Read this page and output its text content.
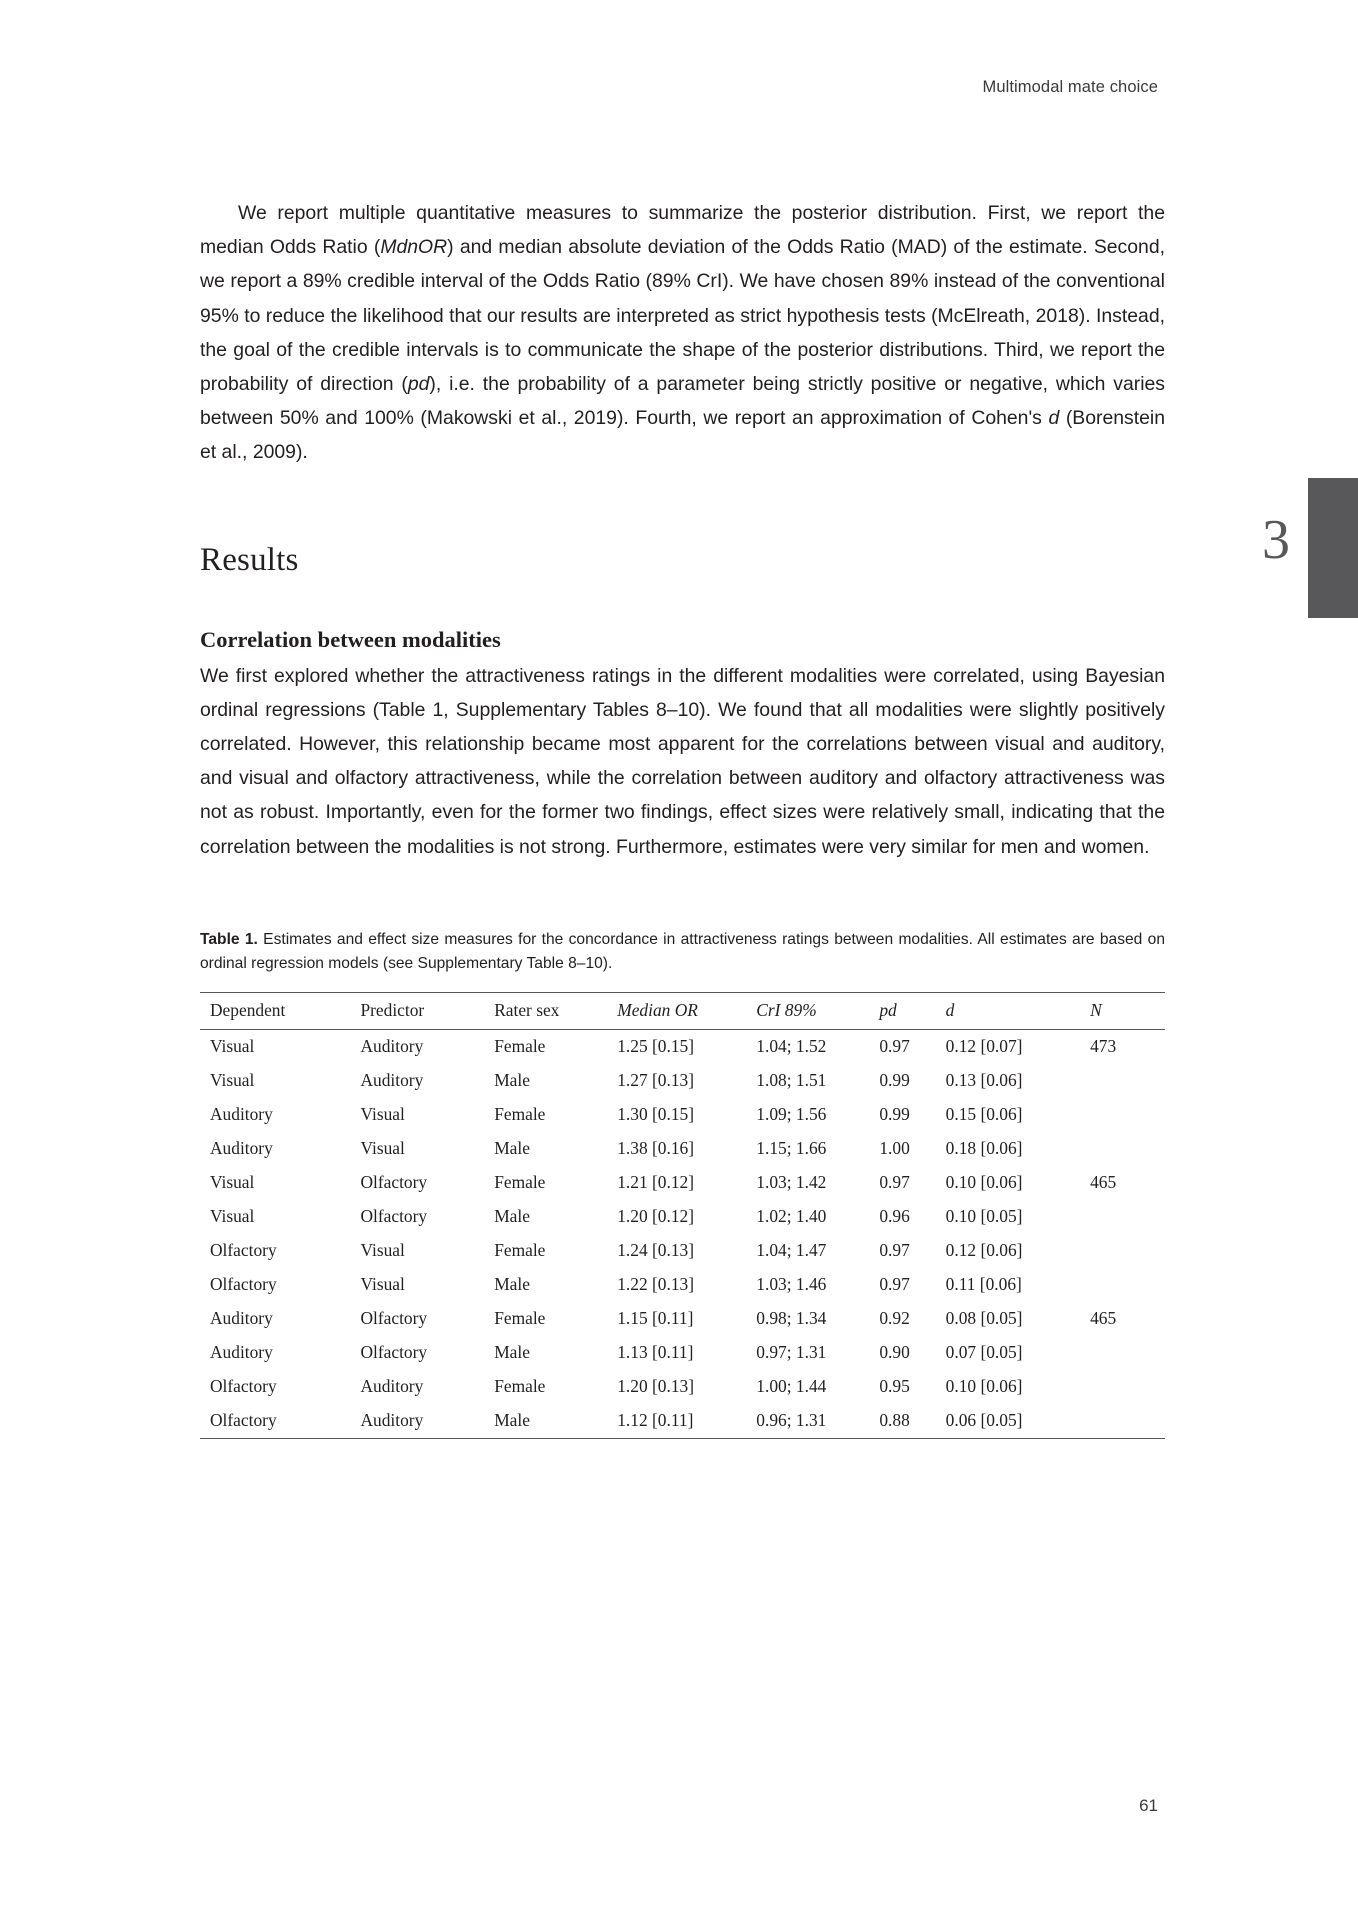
Multimodal mate choice
3

We report multiple quantitative measures to summarize the posterior distribution. First, we report the median Odds Ratio (MdnOR) and median absolute deviation of the Odds Ratio (MAD) of the estimate. Second, we report a 89% credible interval of the Odds Ratio (89% CrI). We have chosen 89% instead of the conventional 95% to reduce the likelihood that our results are interpreted as strict hypothesis tests (McElreath, 2018). Instead, the goal of the credible intervals is to communicate the shape of the posterior distributions. Third, we report the probability of direction (pd), i.e. the probability of a parameter being strictly positive or negative, which varies between 50% and 100% (Makowski et al., 2019). Fourth, we report an approximation of Cohen's d (Borenstein et al., 2009).

Results
Correlation between modalities

We first explored whether the attractiveness ratings in the different modalities were correlated, using Bayesian ordinal regressions (Table 1, Supplementary Tables 8–10). We found that all modalities were slightly positively correlated. However, this relationship became most apparent for the correlations between visual and auditory, and visual and olfactory attractiveness, while the correlation between auditory and olfactory attractiveness was not as robust. Importantly, even for the former two findings, effect sizes were relatively small, indicating that the correlation between the modalities is not strong. Furthermore, estimates were very similar for men and women.

Table 1. Estimates and effect size measures for the concordance in attractiveness ratings between modalities. All estimates are based on ordinal regression models (see Supplementary Table 8–10).
Dependent	Predictor	Rater sex	Median OR	CrI 89%	pd	d	N
Visual	Auditory	Female	1.25 [0.15]	1.04; 1.52	0.97	0.12 [0.07]	473
Visual	Auditory	Male	1.27 [0.13]	1.08; 1.51	0.99	0.13 [0.06]	
Auditory	Visual	Female	1.30 [0.15]	1.09; 1.56	0.99	0.15 [0.06]	
Auditory	Visual	Male	1.38 [0.16]	1.15; 1.66	1.00	0.18 [0.06]	
Visual	Olfactory	Female	1.21 [0.12]	1.03; 1.42	0.97	0.10 [0.06]	465
Visual	Olfactory	Male	1.20 [0.12]	1.02; 1.40	0.96	0.10 [0.05]	
Olfactory	Visual	Female	1.24 [0.13]	1.04; 1.47	0.97	0.12 [0.06]	
Olfactory	Visual	Male	1.22 [0.13]	1.03; 1.46	0.97	0.11 [0.06]	
Auditory	Olfactory	Female	1.15 [0.11]	0.98; 1.34	0.92	0.08 [0.05]	465
Auditory	Olfactory	Male	1.13 [0.11]	0.97; 1.31	0.90	0.07 [0.05]	
Olfactory	Auditory	Female	1.20 [0.13]	1.00; 1.44	0.95	0.10 [0.06]	
Olfactory	Auditory	Male	1.12 [0.11]	0.96; 1.31	0.88	0.06 [0.05]	
61
